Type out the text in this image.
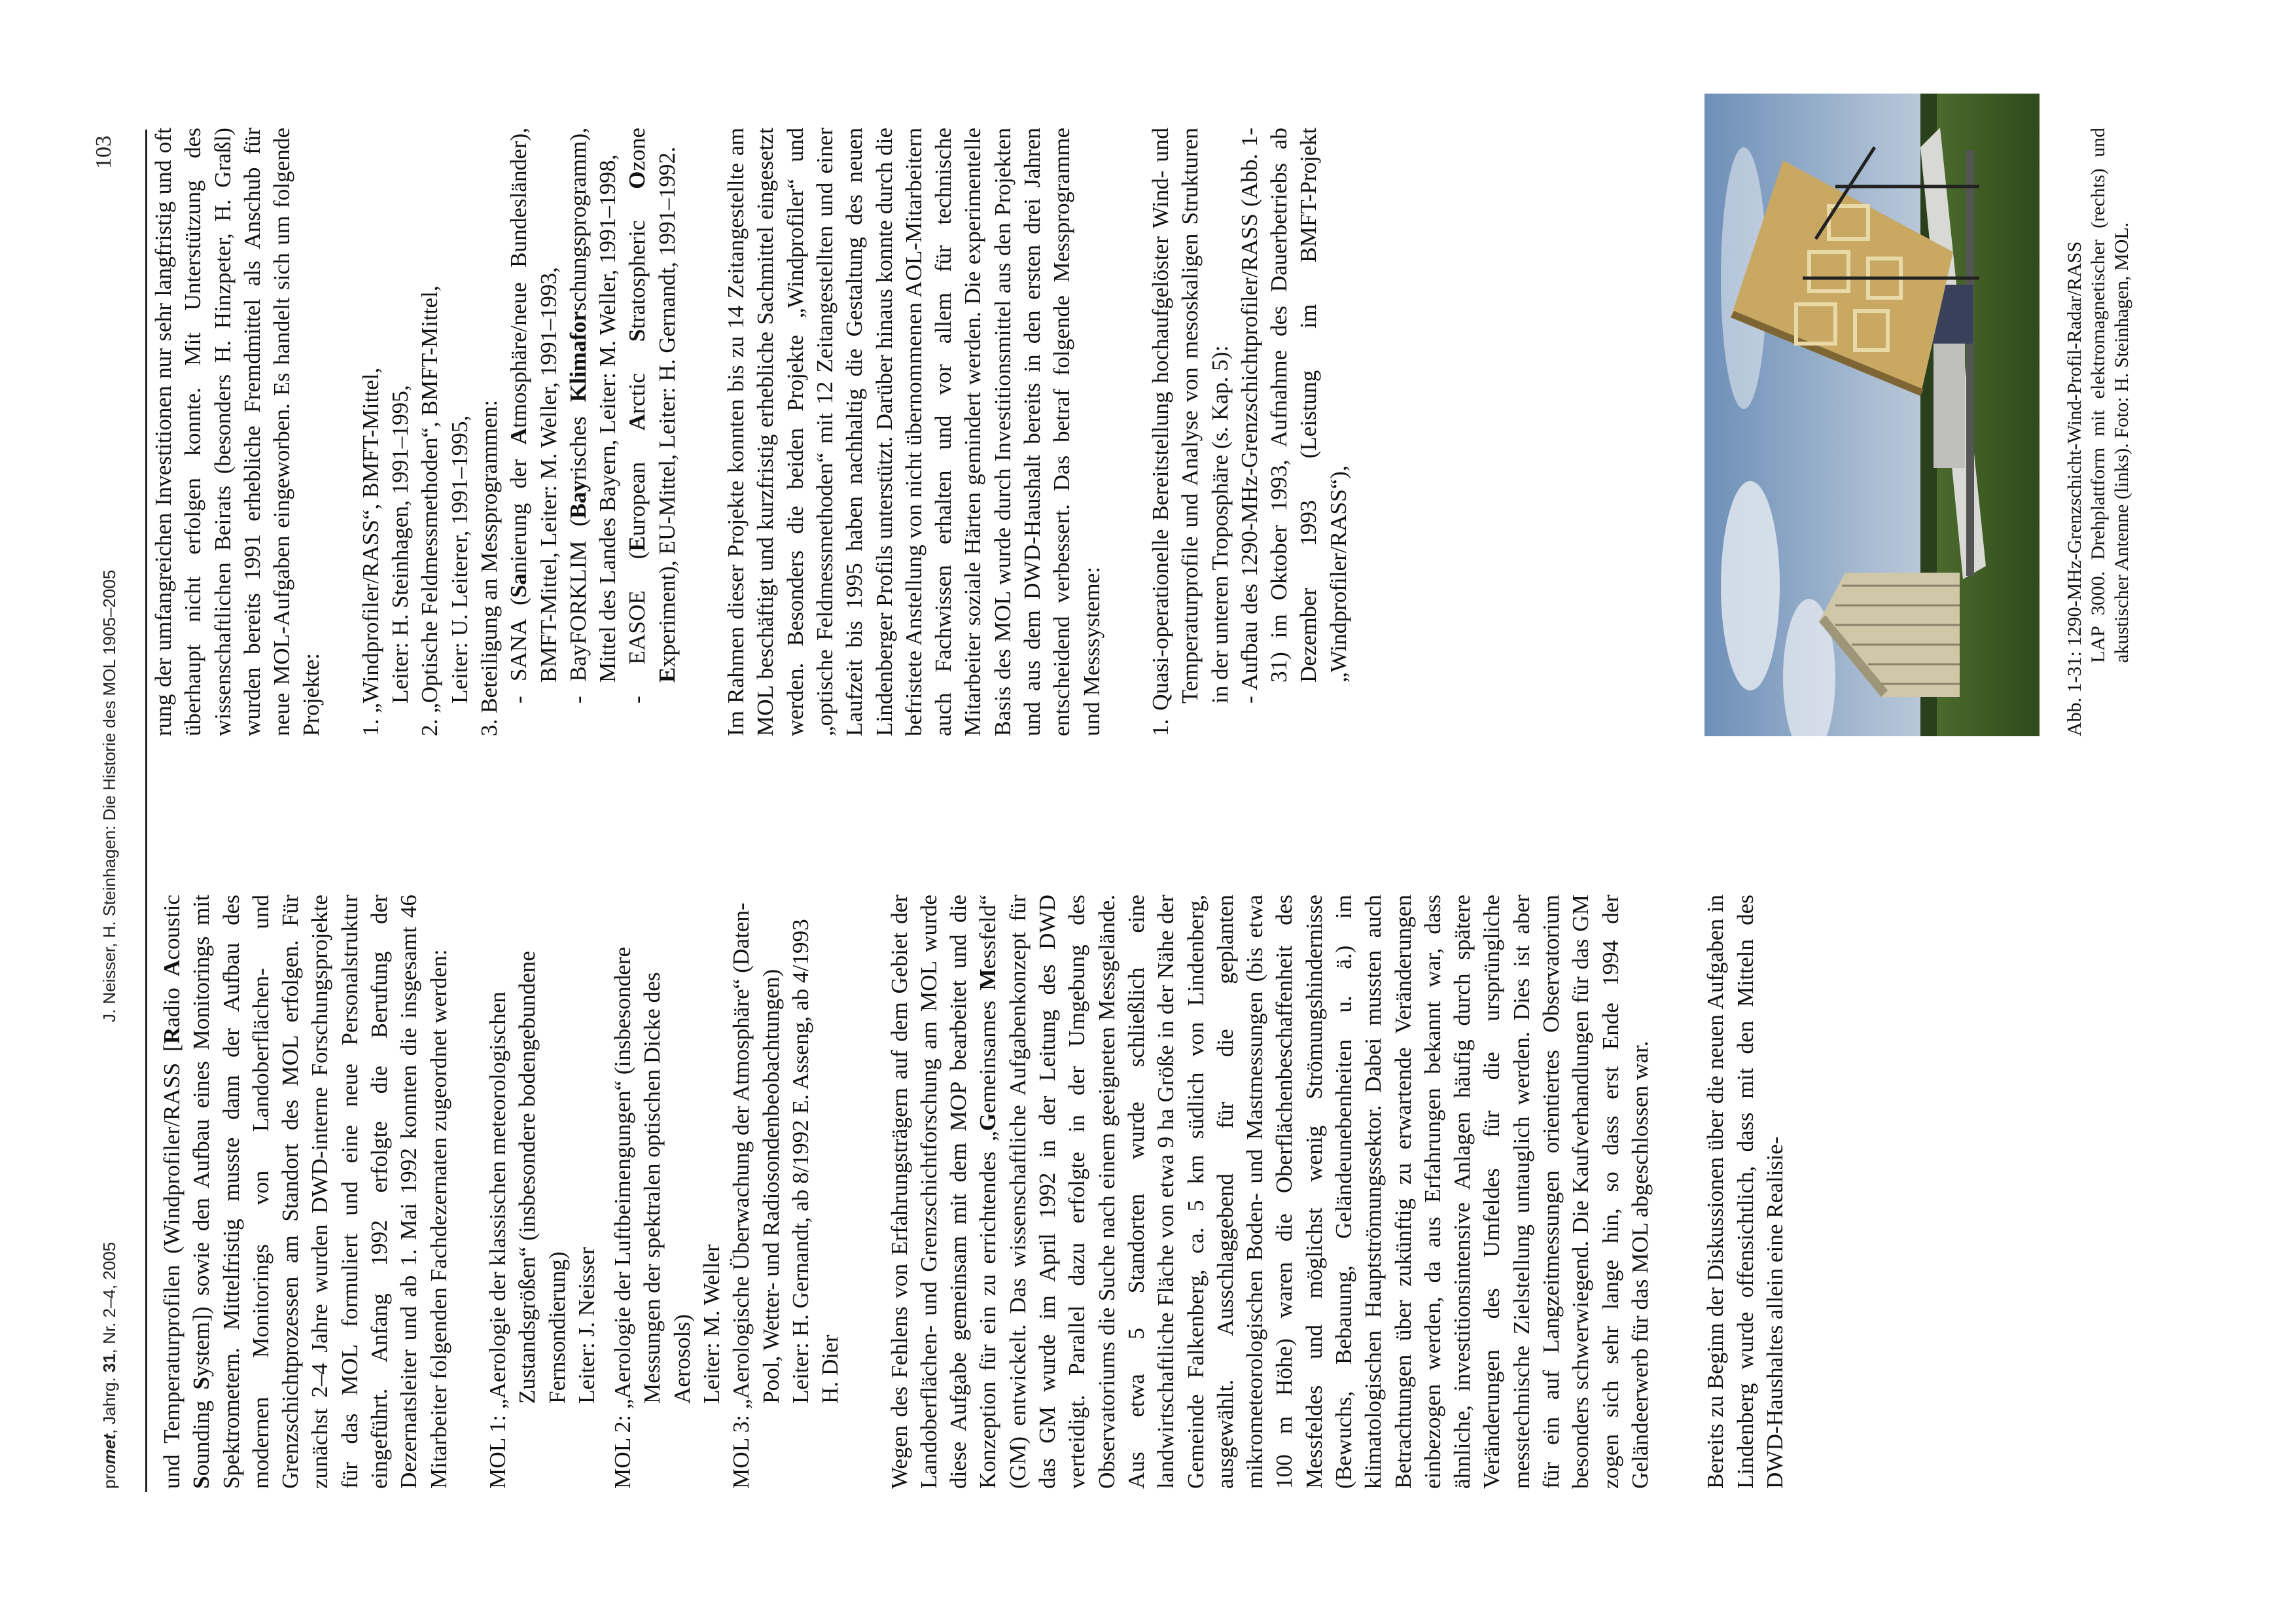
promet, Jahrg. 31, Nr. 2–4, 2005
J. Neisser, H. Steinhagen: Die Historie des MOL 1905–2005
103

und Temperaturprofilen (Windprofiler/RASS [Radio Acoustic Sounding System]) sowie den Aufbau eines Monitorings mit Spektrometern. Mittelfristig musste dann der Aufbau des modernen Monitorings von Landoberflächen- und Grenzschichtprozessen am Standort des MOL erfolgen. Für zunächst 2–4 Jahre wurden DWD-interne Forschungsprojekte für das MOL formuliert und eine neue Personalstruktur eingeführt. Anfang 1992 erfolgte die Berufung der Dezernatsleiter und ab 1. Mai 1992 konnten die insgesamt 46 Mitarbeiter folgenden Fachdezernaten zugeordnet werden: MOL 1: „Aerologie der klassischen meteorologischen Zustandsgrößen“ (insbesondere bodengebundene Fernsondierung) Leiter: J. Neisser MOL 2: „Aerologie der Luftbeimengungen“ (insbesondere Messungen der spektralen optischen Dicke des Aerosols) Leiter: M. Weller MOL 3: „Aerologische Überwachung der Atmosphäre“ (Daten-Pool, Wetter- und Radiosondenbeobachtungen) Leiter: H. Gernandt, ab 8/1992 E. Asseng, ab 4/1993 H. Dier Wegen des Fehlens von Erfahrungsträgern auf dem Gebiet der Landoberflächen- und Grenzschichtforschung am MOL wurde diese Aufgabe gemeinsam mit dem MOP bearbeitet und die Konzeption für ein zu errichtendes „Gemeinsames Messfeld“ (GM) entwickelt. Das wissenschaftliche Aufgabenkonzept für das GM wurde im April 1992 in der Leitung des DWD verteidigt. Parallel dazu erfolgte in der Umgebung des Observatoriums die Suche nach einem geeigneten Messgelände. Aus etwa 5 Standorten wurde schließlich eine landwirtschaftliche Fläche von etwa 9 ha Größe in der Nähe der Gemeinde Falkenberg, ca. 5 km südlich von Lindenberg, ausgewählt. Ausschlaggebend für die geplanten mikrometeorologischen Boden- und Mastmessungen (bis etwa 100 m Höhe) waren die Oberflächenbeschaffenheit des Messfeldes und möglichst wenig Strömungshindernisse (Bewuchs, Bebauung, Geländeunebenheiten u. ä.) im klimatologischen Hauptströmungssektor. Dabei mussten auch Betrachtungen über zukünftig zu erwartende Veränderungen einbezogen werden, da aus Erfahrungen bekannt war, dass ähnliche, investitionsintensive Anlagen häufig durch spätere Veränderungen des Umfeldes für die ursprüngliche messtechnische Zielstellung untauglich werden. Dies ist aber für ein auf Langzeitmessungen orientiertes Observatorium besonders schwerwiegend. Die Kaufverhandlungen für das GM zogen sich sehr lange hin, so dass erst Ende 1994 der Geländeerwerb für das MOL abgeschlossen war. Bereits zu Beginn der Diskussionen über die neuen Aufgaben in Lindenberg wurde offensichtlich, dass mit den Mitteln des DWD-Haushaltes allein eine Realisie-

rung der umfangreichen Investitionen nur sehr langfristig und oft überhaupt nicht erfolgen konnte. Mit Unterstützung des wissenschaftlichen Beirats (besonders H. Hinzpeter, H. Graßl) wurden bereits 1991 erhebliche Fremdmittel als Anschub für neue MOL-Aufgaben eingeworben. Es handelt sich um folgende Projekte: 1. „Windprofiler/RASS“, BMFT-Mittel, Leiter: H. Steinhagen, 1991–1995, 2. „Optische Feldmessmethoden“, BMFT-Mittel, Leiter: U. Leiterer, 1991–1995, 3. Beteiligung an Messprogrammen: - SANA (Sanierung der Atmosphäre/neue Bundesländer), BMFT-Mittel, Leiter: M. Weller, 1991–1993, - BayFORKLIM (Bayrisches Klimaforschungsprogramm), Mittel des Landes Bayern, Leiter: M. Weller, 1991–1998, - EASOE (European Arctic Stratospheric Ozone Experiment), EU-Mittel, Leiter: H. Gernandt, 1991–1992. Im Rahmen dieser Projekte konnten bis zu 14 Zeitangestellte am MOL beschäftigt und kurzfristig erhebliche Sachmittel eingesetzt werden. Besonders die beiden Projekte „Windprofiler“ und „optische Feldmessmethoden“ mit 12 Zeitangestellten und einer Laufzeit bis 1995 haben nachhaltig die Gestaltung des neuen Lindenberger Profils unterstützt. Darüber hinaus konnte durch die befristete Anstellung von nicht übernommenen AOL-Mitarbeitern auch Fachwissen erhalten und vor allem für technische Mitarbeiter soziale Härten gemindert werden. Die experimentelle Basis des MOL wurde durch Investitionsmittel aus den Projekten und aus dem DWD-Haushalt bereits in den ersten drei Jahren entscheidend verbessert. Das betraf folgende Messprogramme und Messsysteme: 1. Quasi-operationelle Bereitstellung hochaufgelöster Wind- und Temperaturprofile und Analyse von mesoskaligen Strukturen in der unteren Troposphäre (s. Kap. 5): - Aufbau des 1290-MHz-Grenzschichtprofiler/RASS (Abb. 1-31) im Oktober 1993, Aufnahme des Dauerbetriebs ab Dezember 1993 (Leistung im BMFT-Projekt „Windprofiler/RASS“),	Abb. 1-31: 1290-MHz-Grenzschicht-Wind-Profil-Radar/RASS LAP 3000. Drehplattform mit elektromagnetischer (rechts) und akustischer Antenne (links). Foto: H. Steinhagen, MOL.
